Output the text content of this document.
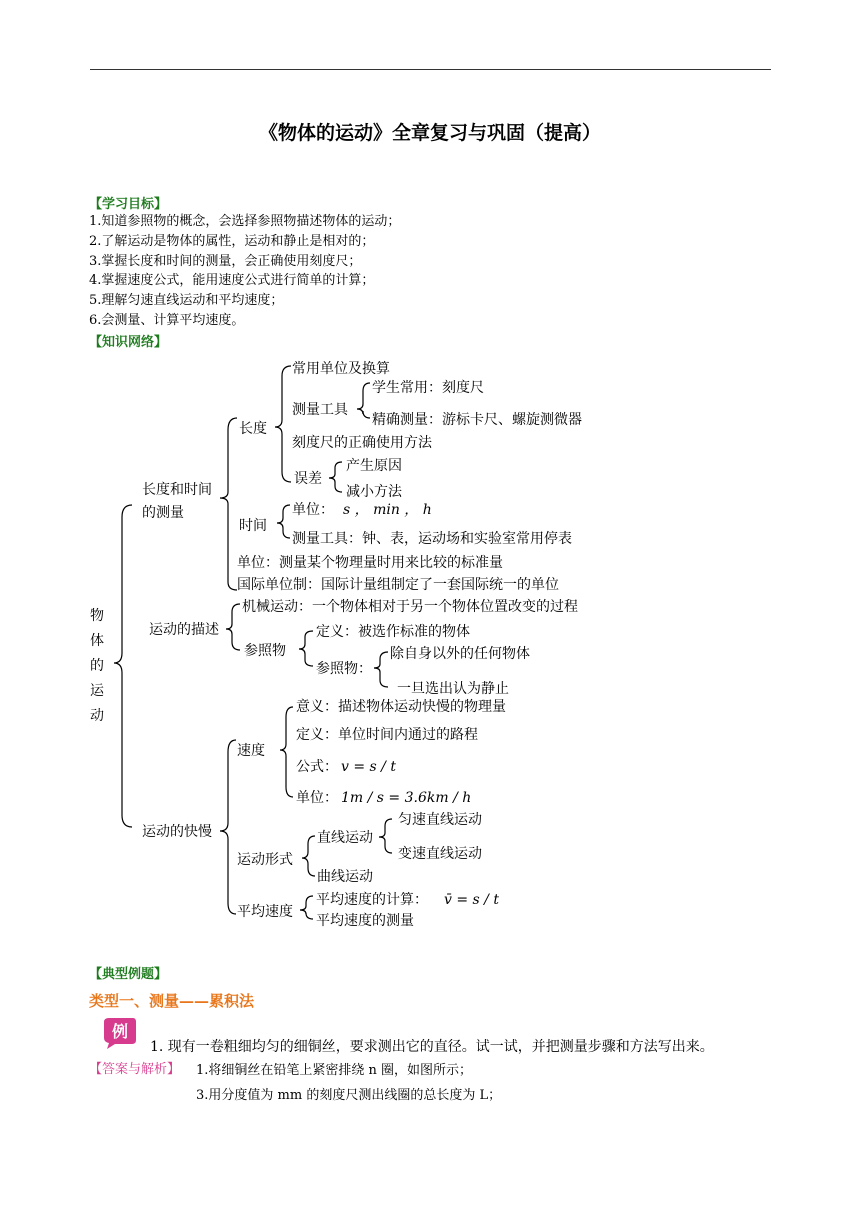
《物体的运动》全章复习与巩固（提高）
【学习目标】
1.知道参照物的概念，会选择参照物描述物体的运动；
2.了解运动是物体的属性，运动和静止是相对的；
3.掌握长度和时间的测量，会正确使用刻度尺；
4.掌握速度公式，能用速度公式进行简单的计算；
5.理解匀速直线运动和平均速度；
6.会测量、计算平均速度。
【知识网络】
物
体
的
运
动
长度和时间
的测量
长度
常用单位及换算
测量工具
学生常用：刻度尺
精确测量：游标卡尺、螺旋测微器
刻度尺的正确使用方法
误差
产生原因
减小方法
时间
单位： s ， min ， h
测量工具：钟、表，运动场和实验室常用停表
单位：测量某个物理量时用来比较的标准量
国际单位制：国际计量组制定了一套国际统一的单位
运动的描述
机械运动：一个物体相对于另一个物体位置改变的过程
参照物
定义：被选作标准的物体
参照物：
除自身以外的任何物体
一旦选出认为静止
运动的快慢
速度
意义：描述物体运动快慢的物理量
定义：单位时间内通过的路程
公式： v = s / t
单位： 1m / s = 3.6km / h
运动形式
直线运动
匀速直线运动
变速直线运动
曲线运动
平均速度
平均速度的计算： v̄ = s / t
平均速度的测量
【典型例题】
类型一、测量——累积法
例
1. 现有一卷粗细均匀的细铜丝，要求测出它的直径。试一试，并把测量步骤和方法写出来。
【答案与解析】 1.将细铜丝在铅笔上紧密排绕 n 圈，如图所示；
3.用分度值为 mm 的刻度尺测出线圈的总长度为 L；
